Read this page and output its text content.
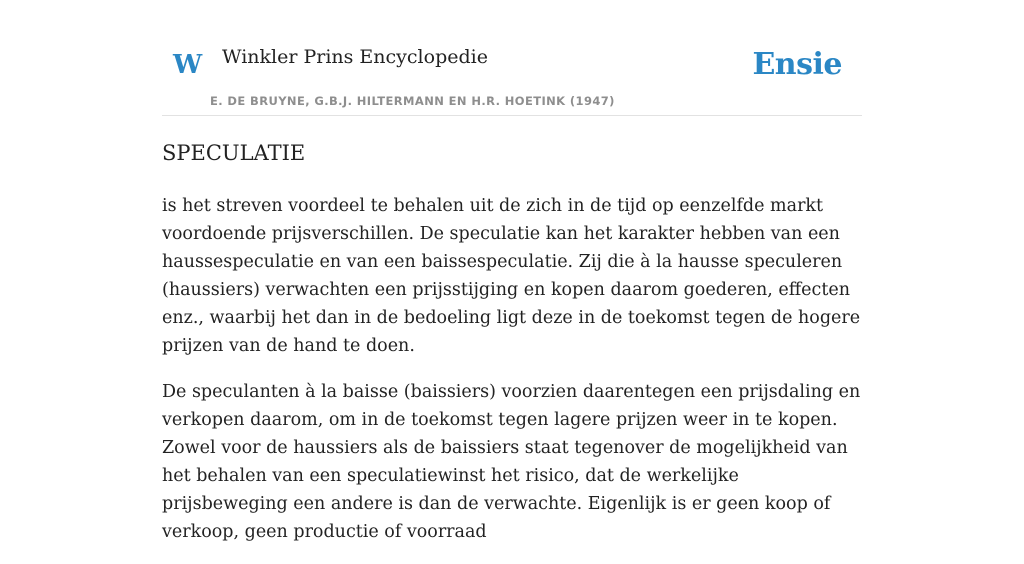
W Winkler Prins Encyclopedie
E. DE BRUYNE, G.B.J. HILTERMANN EN H.R. HOETINK (1947)
Ensie
SPECULATIE

is het streven voordeel te behalen uit de zich in de tijd op eenzelfde markt voordoende prijsverschillen. De speculatie kan het karakter hebben van een haussespeculatie en van een baissespeculatie. Zij die à la hausse speculeren (haussiers) verwachten een prijsstijging en kopen daarom goederen, effecten enz., waarbij het dan in de bedoeling ligt deze in de toekomst tegen de hogere prijzen van de hand te doen.

De speculanten à la baisse (baissiers) voorzien daarentegen een prijsdaling en verkopen daarom, om in de toekomst tegen lagere prijzen weer in te kopen. Zowel voor de haussiers als de baissiers staat tegenover de mogelijkheid van het behalen van een speculatiewinst het risico, dat de werkelijke prijsbeweging een andere is dan de verwachte. Eigenlijk is er geen koop of verkoop, geen productie of voorraad
